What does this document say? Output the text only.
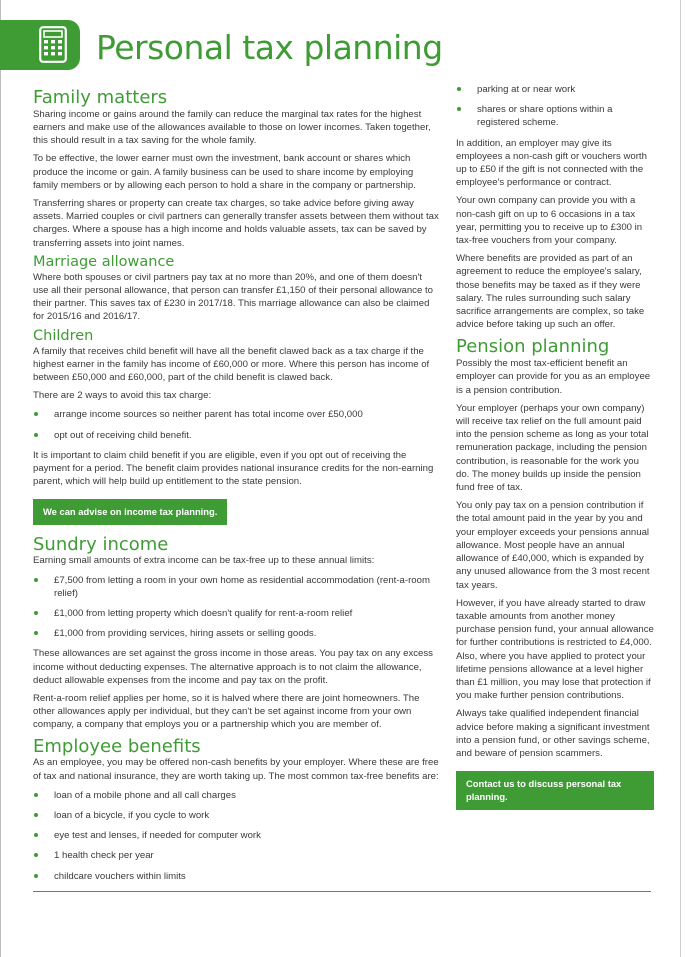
Personal tax planning
Family matters

Sharing income or gains around the family can reduce the marginal tax rates for the highest earners and make use of the allowances available to those on lower incomes. Taken together, this should result in a tax saving for the whole family.

To be effective, the lower earner must own the investment, bank account or shares which produce the income or gain. A family business can be used to share income by employing family members or by allowing each person to hold a share in the company or partnership.

Transferring shares or property can create tax charges, so take advice before giving away assets. Married couples or civil partners can generally transfer assets between them without tax charges. Where a spouse has a high income and holds valuable assets, tax can be saved by transferring assets into joint names.

Marriage allowance

Where both spouses or civil partners pay tax at no more than 20%, and one of them doesn't use all their personal allowance, that person can transfer £1,150 of their personal allowance to their partner. This saves tax of £230 in 2017/18. This marriage allowance can also be claimed for 2015/16 and 2016/17.

Children

A family that receives child benefit will have all the benefit clawed back as a tax charge if the highest earner in the family has income of £60,000 or more. Where this person has income of between £50,000 and £60,000, part of the child benefit is clawed back.

There are 2 ways to avoid this tax charge:

arrange income sources so neither parent has total income over £50,000
opt out of receiving child benefit.

It is important to claim child benefit if you are eligible, even if you opt out of receiving the payment for a period. The benefit claim provides national insurance credits for the non-earning parent, which will help build up entitlement to the state pension.

We can advise on income tax planning.
Sundry income

Earning small amounts of extra income can be tax-free up to these annual limits:

£7,500 from letting a room in your own home as residential accommodation (rent-a-room relief)
£1,000 from letting property which doesn't qualify for rent-a-room relief
£1,000 from providing services, hiring assets or selling goods.

These allowances are set against the gross income in those areas. You pay tax on any excess income without deducting expenses. The alternative approach is to not claim the allowance, deduct allowable expenses from the income and pay tax on the profit.

Rent-a-room relief applies per home, so it is halved where there are joint homeowners. The other allowances apply per individual, but they can't be set against income from your own company, a company that employs you or a partnership which you are member of.

Employee benefits

As an employee, you may be offered non-cash benefits by your employer. Where these are free of tax and national insurance, they are worth taking up. The most common tax-free benefits are:

loan of a mobile phone and all call charges
loan of a bicycle, if you cycle to work
eye test and lenses, if needed for computer work
1 health check per year
childcare vouchers within limits
parking at or near work
shares or share options within a registered scheme.

In addition, an employer may give its employees a non-cash gift or vouchers worth up to £50 if the gift is not connected with the employee's performance or contract.

Your own company can provide you with a non-cash gift on up to 6 occasions in a tax year, permitting you to receive up to £300 in tax-free vouchers from your company.

Where benefits are provided as part of an agreement to reduce the employee's salary, those benefits may be taxed as if they were salary. The rules surrounding such salary sacrifice arrangements are complex, so take advice before taking up such an offer.

Pension planning

Possibly the most tax-efficient benefit an employer can provide for you as an employee is a pension contribution.

Your employer (perhaps your own company) will receive tax relief on the full amount paid into the pension scheme as long as your total remuneration package, including the pension contribution, is reasonable for the work you do. The money builds up inside the pension fund free of tax.

You only pay tax on a pension contribution if the total amount paid in the year by you and your employer exceeds your pensions annual allowance. Most people have an annual allowance of £40,000, which is expanded by any unused allowance from the 3 most recent tax years.

However, if you have already started to draw taxable amounts from another money purchase pension fund, your annual allowance for further contributions is restricted to £4,000. Also, where you have applied to protect your lifetime pensions allowance at a level higher than £1 million, you may lose that protection if you make further pension contributions.

Always take qualified independent financial advice before making a significant investment into a pension fund, or other savings scheme, and beware of pension scammers.

Contact us to discuss personal tax planning.
